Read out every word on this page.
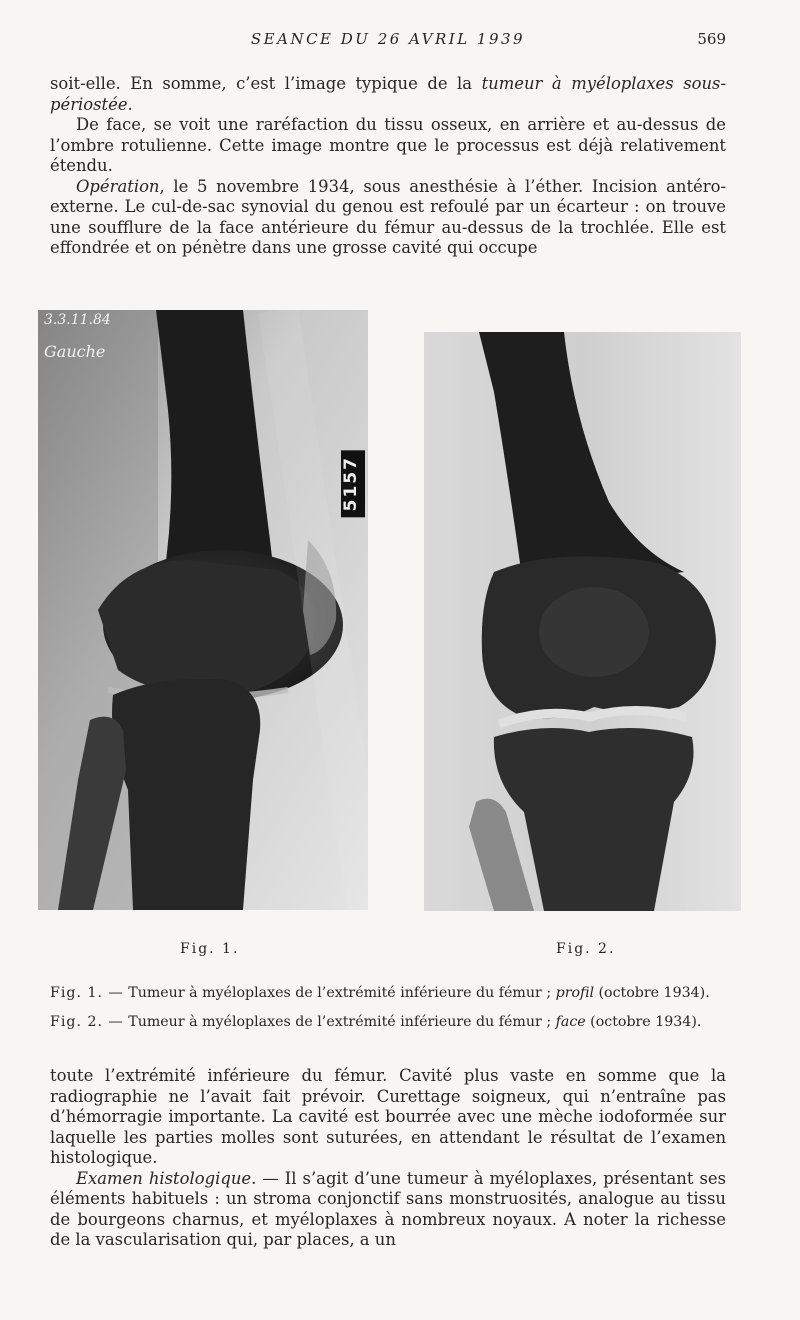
SEANCE DU 26 AVRIL 1939	569

soit-elle. En somme, c’est l’image typique de la tumeur à myéloplaxes sous-périostée.

De face, se voit une raréfaction du tissu osseux, en arrière et au-dessus de l’ombre rotulienne. Cette image montre que le processus est déjà relativement étendu.

Opération, le 5 novembre 1934, sous anesthésie à l’éther. Incision antéro-externe. Le cul-de-sac synovial du genou est refoulé par un écarteur : on trouve une soufflure de la face antérieure du fémur au-dessus de la trochlée. Elle est effondrée et on pénètre dans une grosse cavité qui occupe

3.3.11.84
Gauche
5157
Fig. 1.	Fig. 2.
Fig. 1. — Tumeur à myéloplaxes de l’extrémité inférieure du fémur ; profil (octobre 1934).
Fig. 2. — Tumeur à myéloplaxes de l’extrémité inférieure du fémur ; face (octobre 1934).

toute l’extrémité inférieure du fémur. Cavité plus vaste en somme que la radiographie ne l’avait fait prévoir. Curettage soigneux, qui n’entraîne pas d’hémorragie importante. La cavité est bourrée avec une mèche iodoformée sur laquelle les parties molles sont suturées, en attendant le résultat de l’examen histologique.

Examen histologique. — Il s’agit d’une tumeur à myéloplaxes, présentant ses éléments habituels : un stroma conjonctif sans monstruosités, analogue au tissu de bourgeons charnus, et myéloplaxes à nombreux noyaux. A noter la richesse de la vascularisation qui, par places, a un
